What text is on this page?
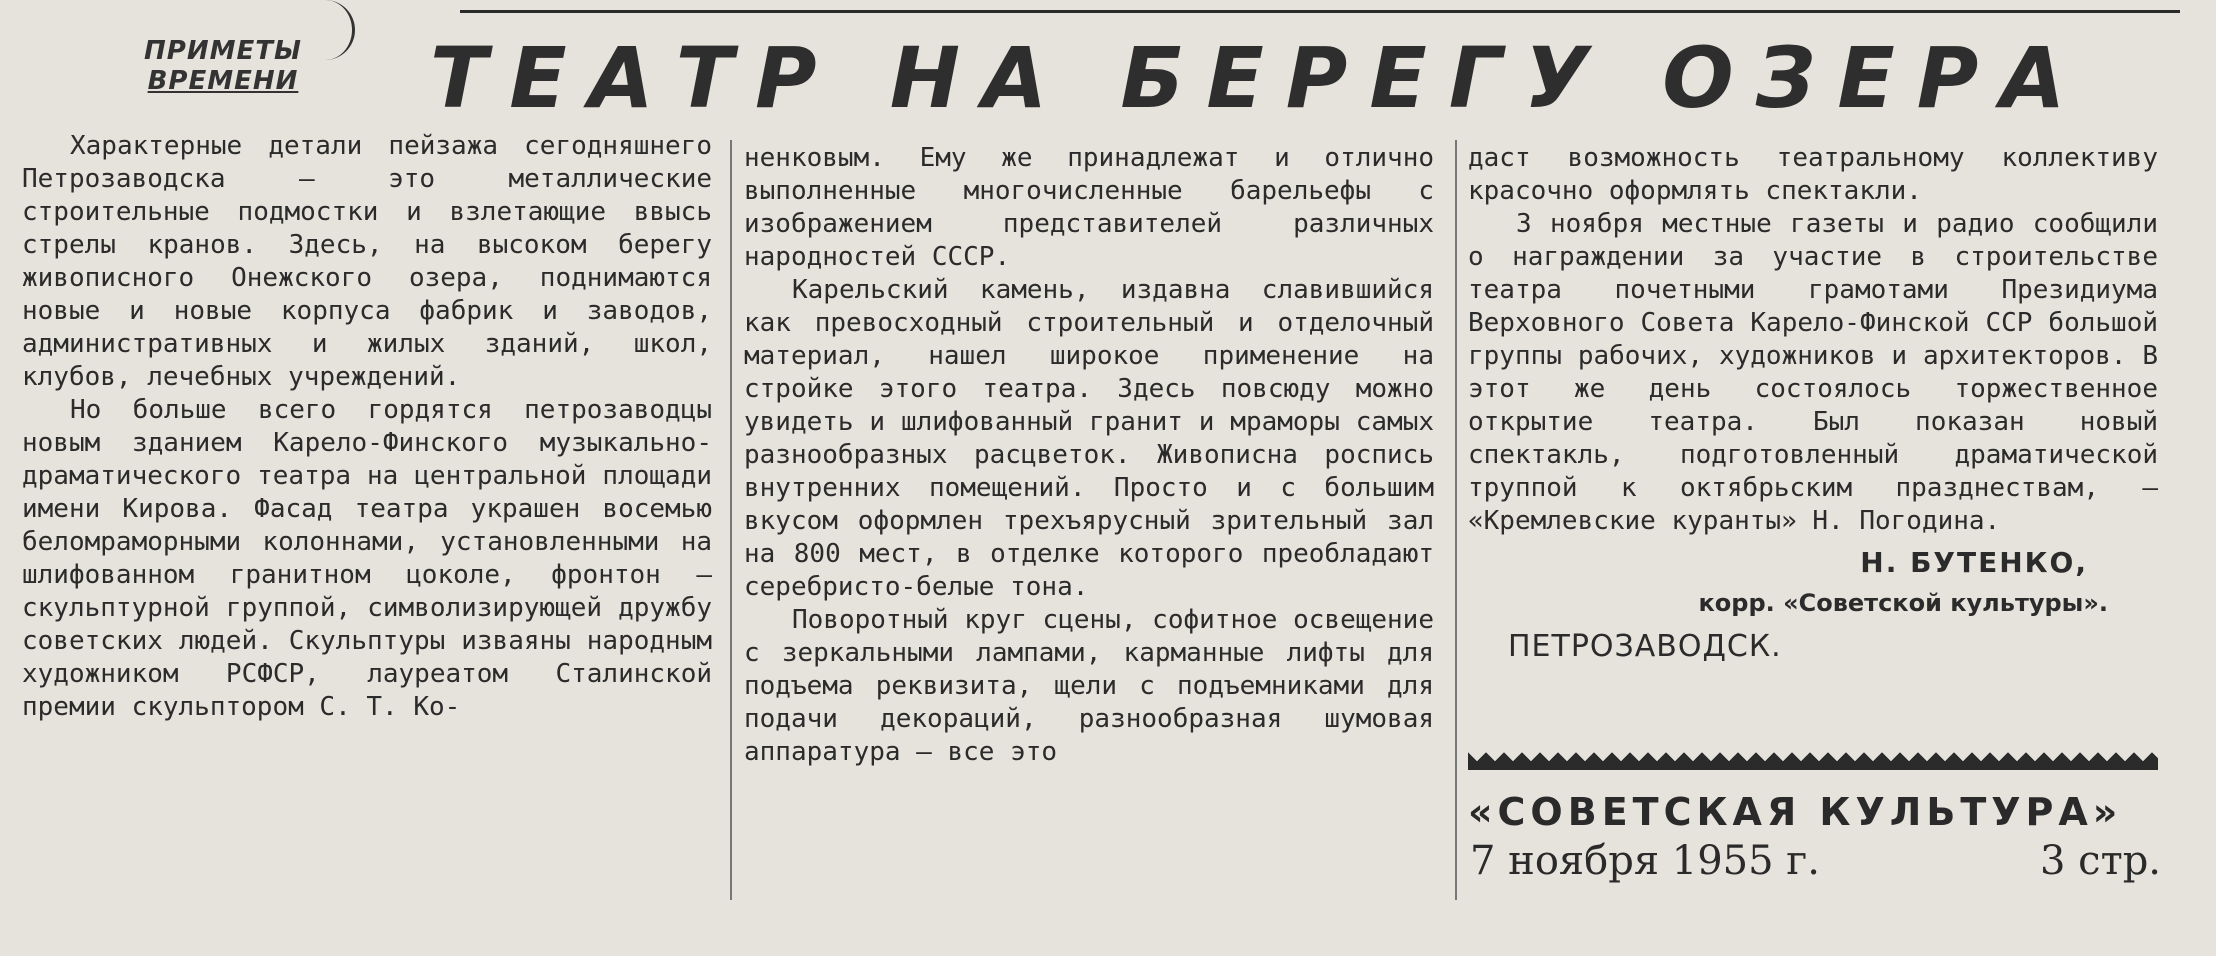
ПРИМЕТЫ
ВРЕМЕНИ ТЕАТР НА БЕРЕГУ ОЗЕРА

Характерные детали пейзажа сегодняшнего Петрозаводска — это металлические строительные подмостки и взлетающие ввысь стрелы кранов. Здесь, на высоком берегу живописного Онежского озера, поднимаются новые и новые корпуса фабрик и заводов, административных и жилых зданий, школ, клубов, лечебных учреждений.

Но больше всего гордятся петрозаводцы новым зданием Карело-Финского музыкально-драматического театра на центральной площади имени Кирова. Фасад театра украшен восемью беломраморными колоннами, установленными на шлифованном гранитном цоколе, фронтон — скульптурной группой, символизирующей дружбу советских людей. Скульптуры изваяны народным художником РСФСР, лауреатом Сталинской премии скульптором С. Т. Ко-

ненковым. Ему же принадлежат и отлично выполненные многочисленные барельефы с изображением представителей различных народностей СССР.

Карельский камень, издавна славившийся как превосходный строительный и отделочный материал, нашел широкое применение на стройке этого театра. Здесь повсюду можно увидеть и шлифованный гранит и мраморы самых разнообразных расцветок. Живописна роспись внутренних помещений. Просто и с большим вкусом оформлен трехъярусный зрительный зал на 800 мест, в отделке которого преобладают серебристо-белые тона.

Поворотный круг сцены, софитное освещение с зеркальными лампами, карманные лифты для подъема реквизита, щели с подъемниками для подачи декораций, разнообразная шумовая аппаратура — все это

даст возможность театральному коллективу красочно оформлять спектакли.

3 ноября местные газеты и радио сообщили о награждении за участие в строительстве театра почетными грамотами Президиума Верховного Совета Карело-Финской ССР большой группы рабочих, художников и архитекторов. В этот же день состоялось торжественное открытие театра. Был показан новый спектакль, подготовленный драматической труппой к октябрьским празднествам, — «Кремлевские куранты» Н. Погодина.

Н. БУТЕНКО,
корр. «Советской культуры».
ПЕТРОЗАВОДСК.
«СОВЕТСКАЯ КУЛЬТУРА»
7 ноября 1955 г.	3 стр.
